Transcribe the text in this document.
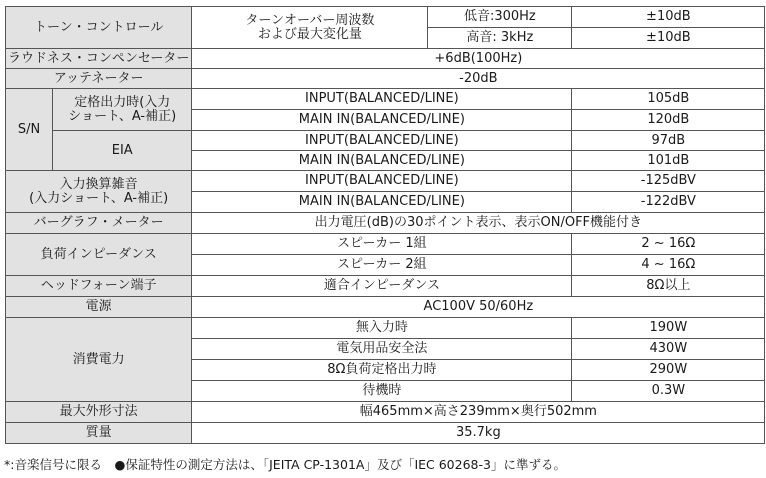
トーン・コントロール		ターンオーバー周波数
および最大変化量	低音:300Hz	±10dB
			高音: 3kHz	±10dB
ラウドネス・コンペンセーター		+6dB(100Hz)		
アッテネーター		-20dB		
S/N	定格出力時(入力
ショート、A-補正)	INPUT(BALANCED/LINE)		105dB
		MAIN IN(BALANCED/LINE)		120dB
	EIA	INPUT(BALANCED/LINE)		97dB
		MAIN IN(BALANCED/LINE)		101dB
入力換算雑音
(入力ショート、A-補正)		INPUT(BALANCED/LINE)		-125dBV
		MAIN IN(BALANCED/LINE)		-122dBV
バーグラフ・メーター		出力電圧(dB)の30ポイント表示、表示ON/OFF機能付き		
負荷インピーダンス		スピーカー 1組		2 ~ 16Ω
		スピーカー 2組		4 ~ 16Ω
ヘッドフォーン端子		適合インピーダンス		8Ω以上
電源		AC100V 50/60Hz		
消費電力		無入力時		190W
		電気用品安全法		430W
		8Ω負荷定格出力時		290W
		待機時		0.3W
最大外形寸法		幅465mm×高さ239mm×奥行502mm		
質量		35.7kg		
*:音楽信号に限る　●保証特性の測定方法は、「JEITA CP-1301A」及び「IEC 60268-3」に準ずる。
